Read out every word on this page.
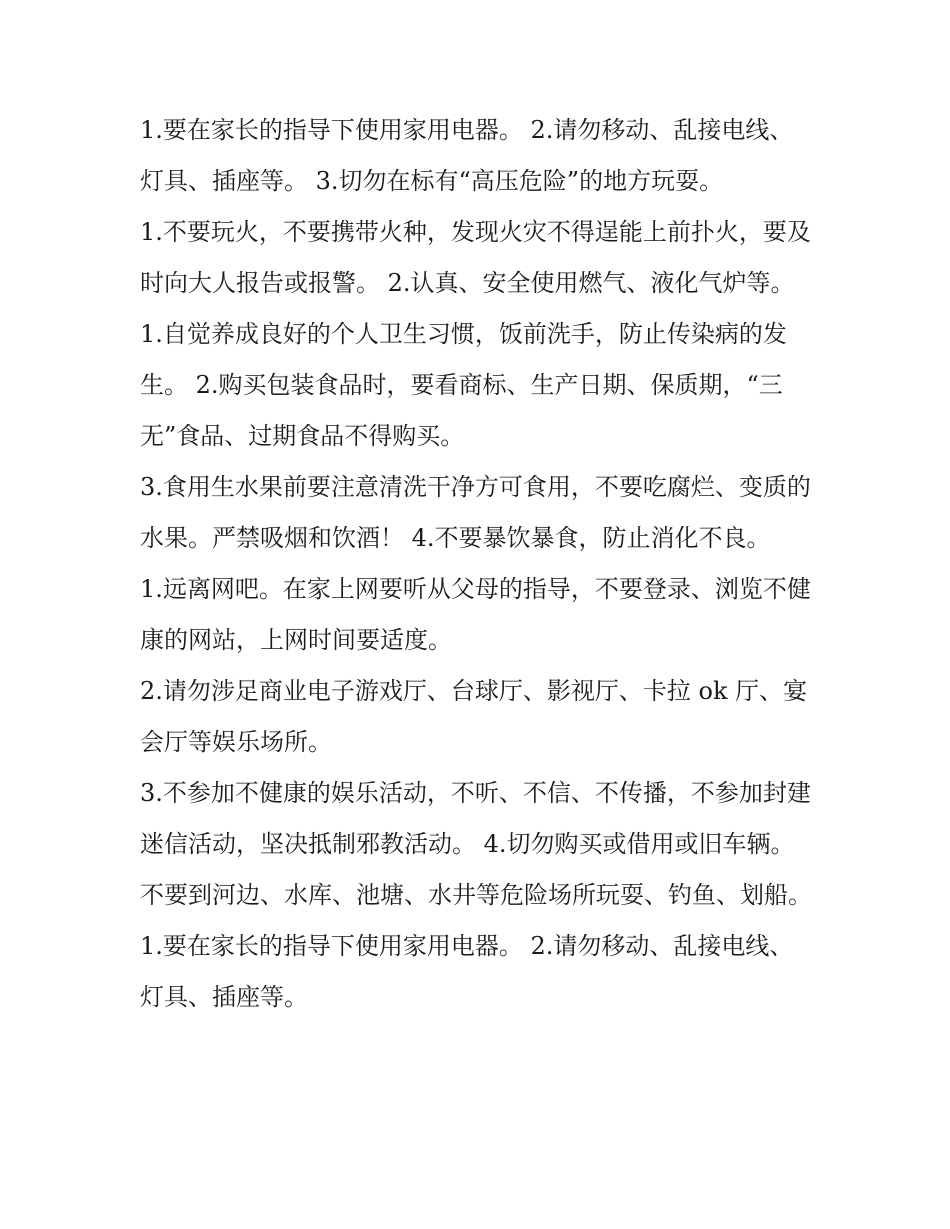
1.要在家长的指导下使用家用电器。 2.请勿移动、乱接电线、灯具、插座等。 3.切勿在标有“高压危险”的地方玩耍。

1.不要玩火，不要携带火种，发现火灾不得逞能上前扑火，要及时向大人报告或报警。 2.认真、安全使用燃气、液化气炉等。

1.自觉养成良好的个人卫生习惯，饭前洗手，防止传染病的发生。 2.购买包装食品时，要看商标、生产日期、保质期，“三无”食品、过期食品不得购买。

3.食用生水果前要注意清洗干净方可食用，不要吃腐烂、变质的水果。严禁吸烟和饮酒！ 4.不要暴饮暴食，防止消化不良。

1.远离网吧。在家上网要听从父母的指导，不要登录、浏览不健康的网站，上网时间要适度。

2.请勿涉足商业电子游戏厅、台球厅、影视厅、卡拉 ok 厅、宴会厅等娱乐场所。

3.不参加不健康的娱乐活动，不听、不信、不传播，不参加封建迷信活动，坚决抵制邪教活动。 4.切勿购买或借用或旧车辆。

不要到河边、水库、池塘、水井等危险场所玩耍、钓鱼、划船。 1.要在家长的指导下使用家用电器。 2.请勿移动、乱接电线、灯具、插座等。
